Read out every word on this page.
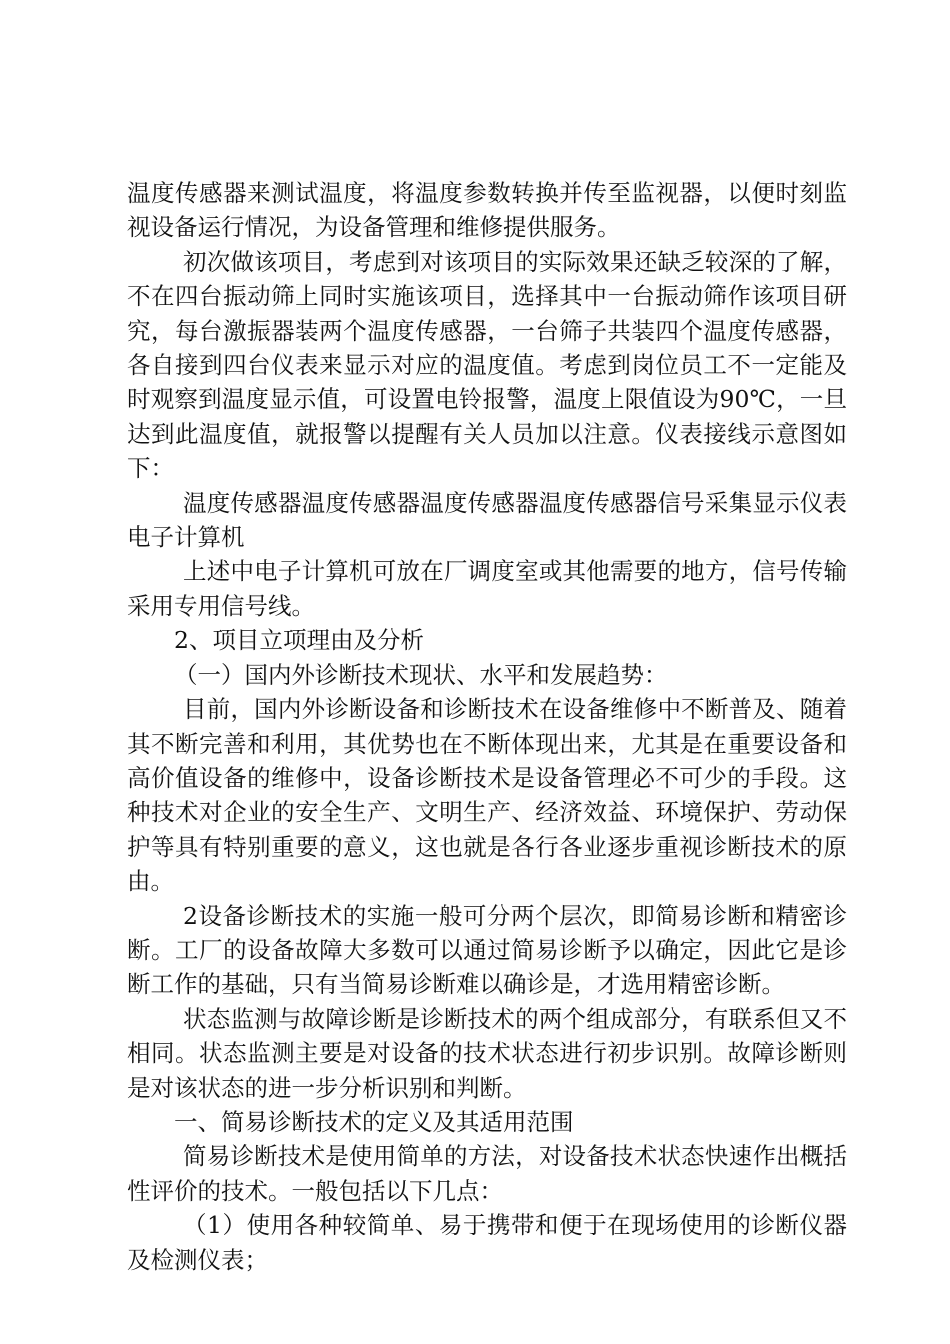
温度传感器来测试温度，将温度参数转换并传至监视器，以便时刻监视设备运行情况，为设备管理和维修提供服务。

初次做该项目，考虑到对该项目的实际效果还缺乏较深的了解，不在四台振动筛上同时实施该项目，选择其中一台振动筛作该项目研究，每台激振器装两个温度传感器，一台筛子共装四个温度传感器，各自接到四台仪表来显示对应的温度值。考虑到岗位员工不一定能及时观察到温度显示值，可设置电铃报警，温度上限值设为90℃，一旦达到此温度值，就报警以提醒有关人员加以注意。仪表接线示意图如下：

温度传感器温度传感器温度传感器温度传感器信号采集显示仪表电子计算机

上述中电子计算机可放在厂调度室或其他需要的地方，信号传输采用专用信号线。

2、项目立项理由及分析

（一）国内外诊断技术现状、水平和发展趋势：

目前，国内外诊断设备和诊断技术在设备维修中不断普及、随着其不断完善和利用，其优势也在不断体现出来，尤其是在重要设备和高价值设备的维修中，设备诊断技术是设备管理必不可少的手段。这种技术对企业的安全生产、文明生产、经济效益、环境保护、劳动保护等具有特别重要的意义，这也就是各行各业逐步重视诊断技术的原由。

2设备诊断技术的实施一般可分两个层次，即简易诊断和精密诊断。工厂的设备故障大多数可以通过简易诊断予以确定，因此它是诊断工作的基础，只有当简易诊断难以确诊是，才选用精密诊断。

状态监测与故障诊断是诊断技术的两个组成部分，有联系但又不相同。状态监测主要是对设备的技术状态进行初步识别。故障诊断则是对该状态的进一步分析识别和判断。

一、简易诊断技术的定义及其适用范围

简易诊断技术是使用简单的方法，对设备技术状态快速作出概括性评价的技术。一般包括以下几点：

（1）使用各种较简单、易于携带和便于在现场使用的诊断仪器及检测仪表；
